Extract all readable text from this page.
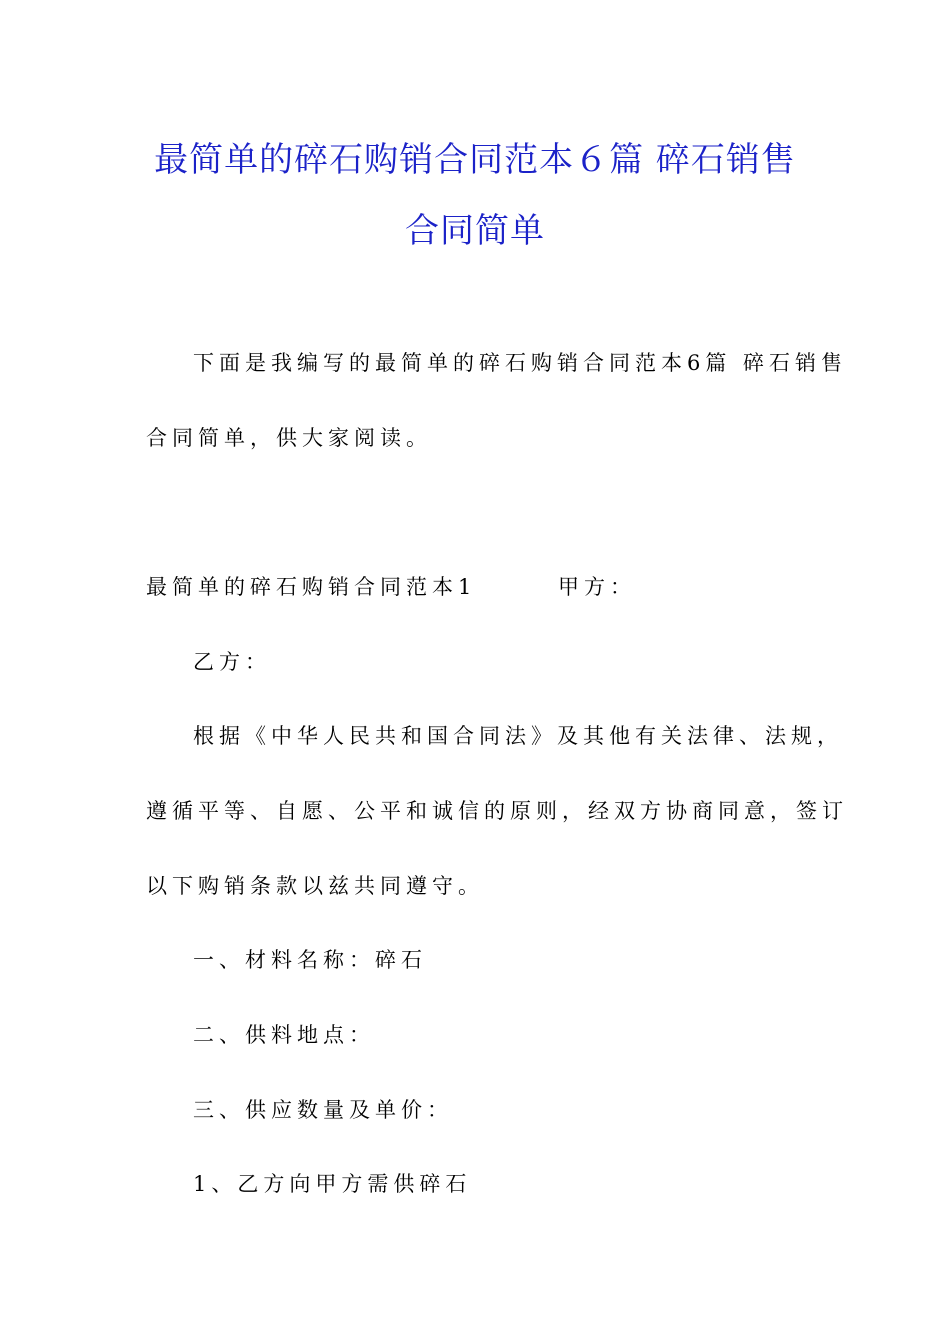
最简单的碎石购销合同范本６篇 碎石销售
合同简单
下面是我编写的最简单的碎石购销合同范本6篇 碎石销售
合同简单，供大家阅读。
最简单的碎石购销合同范本1	甲方：
乙方：
根据《中华人民共和国合同法》及其他有关法律、法规，
遵循平等、自愿、公平和诚信的原则，经双方协商同意，签订
以下购销条款以兹共同遵守。
一、材料名称：碎石
二、供料地点：
三、供应数量及单价：
1、乙方向甲方需供碎石
